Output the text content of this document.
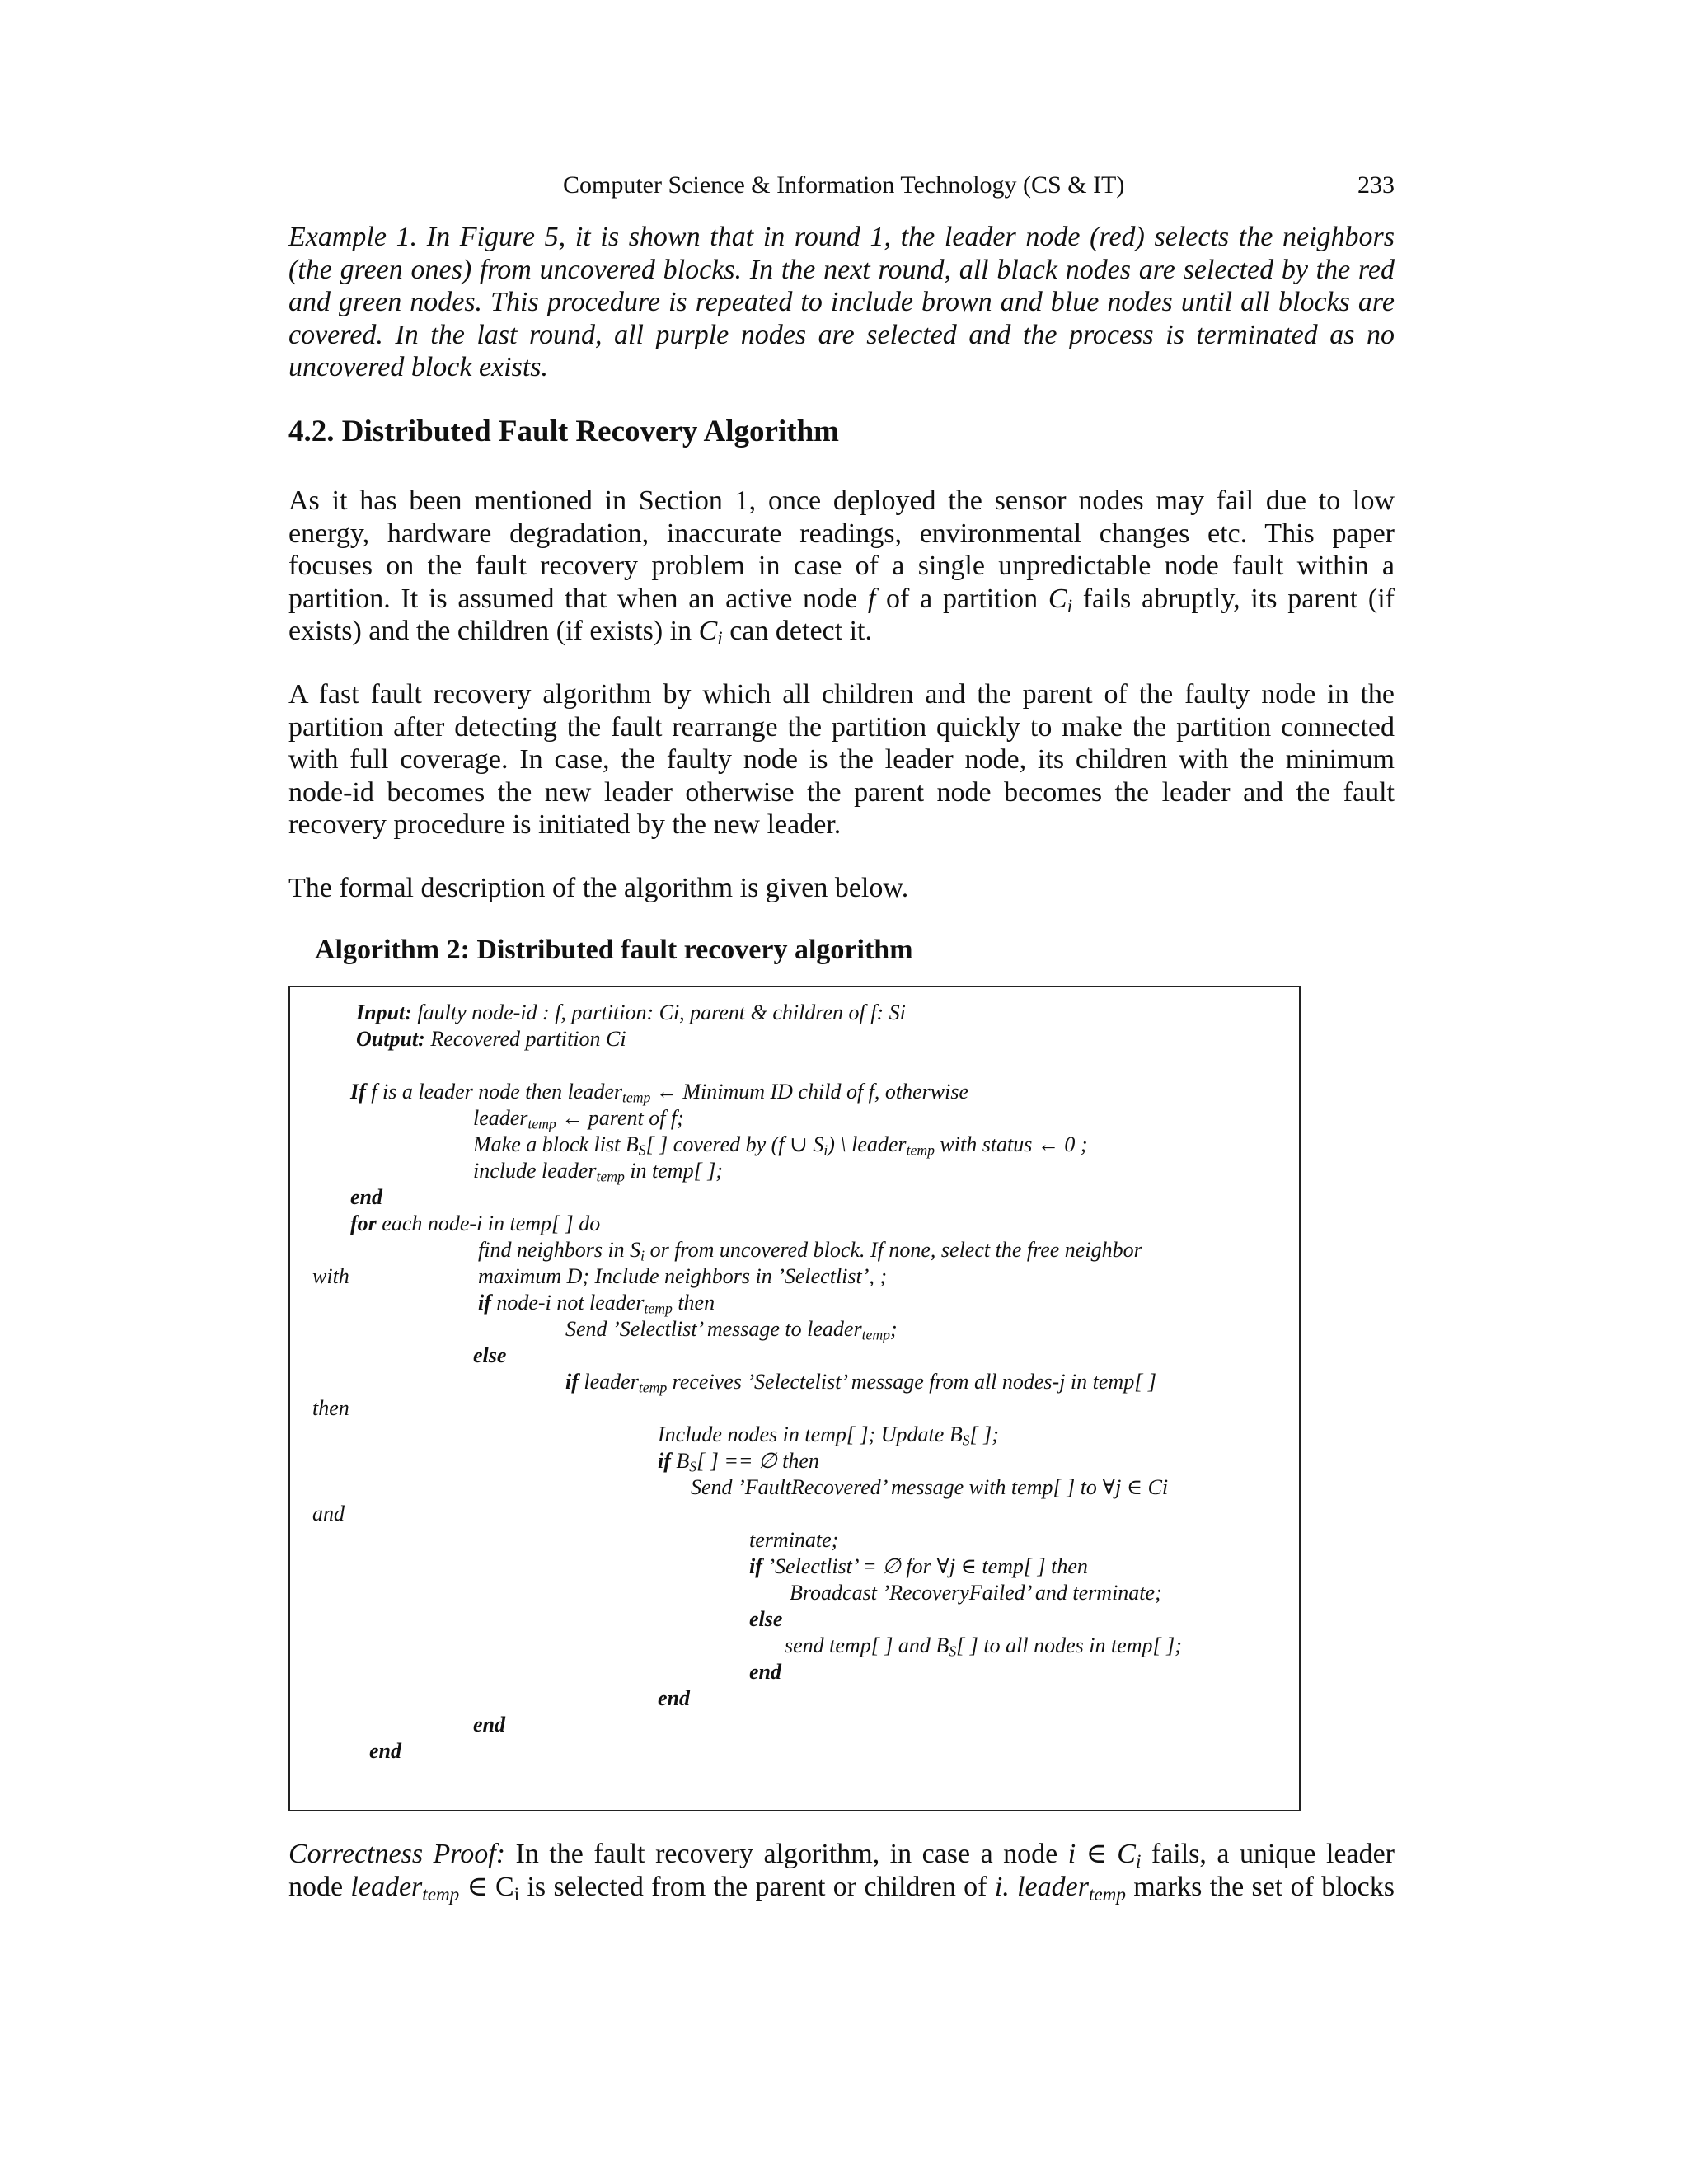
Computer Science & Information Technology (CS & IT)	233
Example 1. In Figure 5, it is shown that in round 1, the leader node (red) selects the neighbors
(the green ones) from uncovered blocks. In the next round, all black nodes are selected by the red
and green nodes. This procedure is repeated to include brown and blue nodes until all blocks are
covered. In the last round, all purple nodes are selected and the process is terminated as no
uncovered block exists.
4.2. Distributed Fault Recovery Algorithm
As it has been mentioned in Section 1, once deployed the sensor nodes may fail due to low
energy, hardware degradation, inaccurate readings, environmental changes etc. This paper
focuses on the fault recovery problem in case of a single unpredictable node fault within a
partition. It is assumed that when an active node f of a partition $C_i$ fails abruptly, its parent (if
exists) and the children (if exists) in $C_i$ can detect it.
A fast fault recovery algorithm by which all children and the parent of the faulty node in the
partition after detecting the fault rearrange the partition quickly to make the partition connected
with full coverage. In case, the faulty node is the leader node, its children with the minimum
node-id becomes the new leader otherwise the parent node becomes the leader and the fault
recovery procedure is initiated by the new leader.
The formal description of the algorithm is given below.
Algorithm 2: Distributed fault recovery algorithm
Input: faulty node-id : f, partition: Ci, parent & children of f: Si
Output: Recovered partition Ci
If f is a leader node then leader$_{temp}$ ← Minimum ID child of f, otherwise
leader$_{temp}$ ← parent of f;
Make a block list $B_S$[ ] covered by (f ∪ $S_i$) \ leader$_{temp}$ with status ← 0 ;
include leader$_{temp}$ in temp[ ];
end
for each node-i in temp[ ] do
find neighbors in $S_i$ or from uncovered block. If none, select the free neighbor
with	maximum D; Include neighbors in ’Selectlist’, ;
if node-i not leader$_{temp}$ then
Send ’Selectlist’ message to leader$_{temp}$;
else
if leader$_{temp}$ receives ’Selectelist’ message from all nodes-j in temp[ ]
then
Include nodes in temp[ ]; Update $B_S$[ ];
if $B_S$[ ] == ∅ then
Send ’FaultRecovered’ message with temp[ ] to ∀j ∈ Ci
and
terminate;
if ’Selectlist’ = ∅ for ∀j ∈ temp[ ] then
Broadcast ’RecoveryFailed’ and terminate;
else
send temp[ ] and $B_S$[ ] to all nodes in temp[ ];
end
end
end
end
Correctness Proof: In the fault recovery algorithm, in case a node i ∈ $C_i$ fails, a unique leader
node leader$_{temp}$ ∈ $C_i$ is selected from the parent or children of i. leader$_{temp}$ marks the set of blocks
